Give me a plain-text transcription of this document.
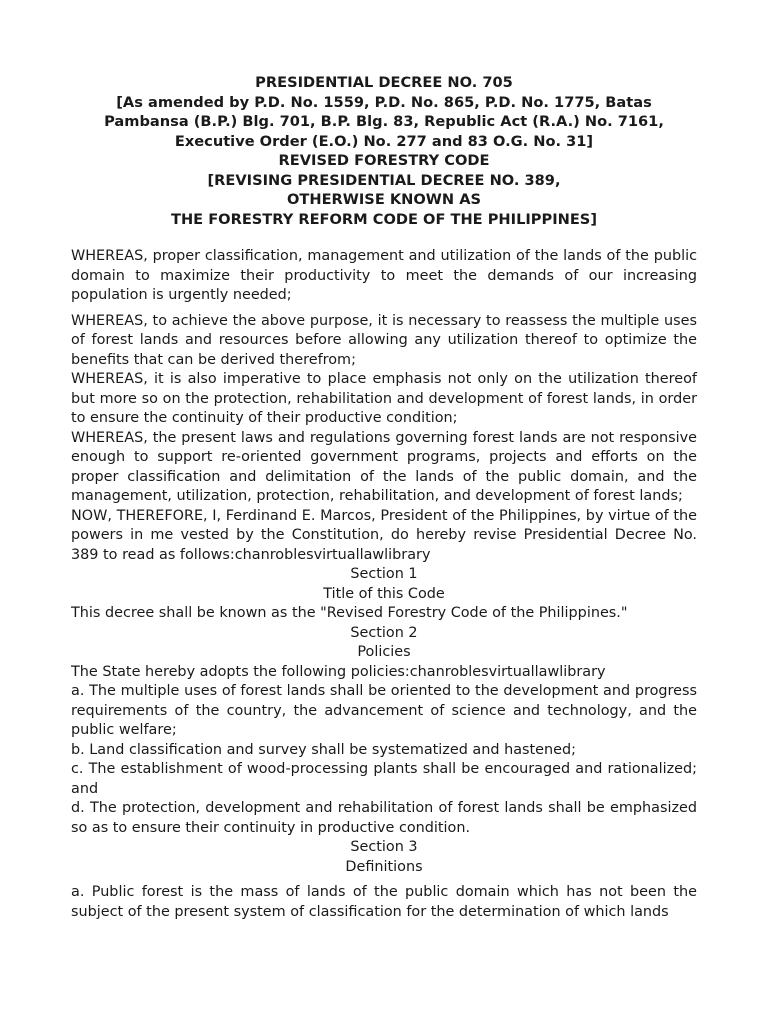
PRESIDENTIAL DECREE NO. 705
[As amended by P.D. No. 1559, P.D. No. 865, P.D. No. 1775, Batas
Pambansa (B.P.) Blg. 701, B.P. Blg. 83, Republic Act (R.A.) No. 7161,
Executive Order (E.O.) No. 277 and 83 O.G. No. 31]
REVISED FORESTRY CODE
[REVISING PRESIDENTIAL DECREE NO. 389,
OTHERWISE KNOWN AS
THE FORESTRY REFORM CODE OF THE PHILIPPINES]
WHEREAS, proper classification, management and utilization of the lands of the public domain to maximize their productivity to meet the demands of our increasing population is urgently needed;
WHEREAS, to achieve the above purpose, it is necessary to reassess the multiple uses of forest lands and resources before allowing any utilization thereof to optimize the benefits that can be derived therefrom;
WHEREAS, it is also imperative to place emphasis not only on the utilization thereof but more so on the protection, rehabilitation and development of forest lands, in order to ensure the continuity of their productive condition;
WHEREAS, the present laws and regulations governing forest lands are not responsive enough to support re-oriented government programs, projects and efforts on the proper classification and delimitation of the lands of the public domain, and the management, utilization, protection, rehabilitation, and development of forest lands;
NOW, THEREFORE, I, Ferdinand E. Marcos, President of the Philippines, by virtue of the powers in me vested by the Constitution, do hereby revise Presidential Decree No. 389 to read as follows:chanroblesvirtuallawlibrary
Section 1
Title of this Code
This decree shall be known as the "Revised Forestry Code of the Philippines."
Section 2
Policies
The State hereby adopts the following policies:chanroblesvirtuallawlibrary
a. The multiple uses of forest lands shall be oriented to the development and progress requirements of the country, the advancement of science and technology, and the public welfare;
b. Land classification and survey shall be systematized and hastened;
c. The establishment of wood-processing plants shall be encouraged and rationalized; and
d. The protection, development and rehabilitation of forest lands shall be emphasized so as to ensure their continuity in productive condition.
Section 3
Definitions
a. Public forest is the mass of lands of the public domain which has not been the subject of the present system of classification for the determination of which lands
